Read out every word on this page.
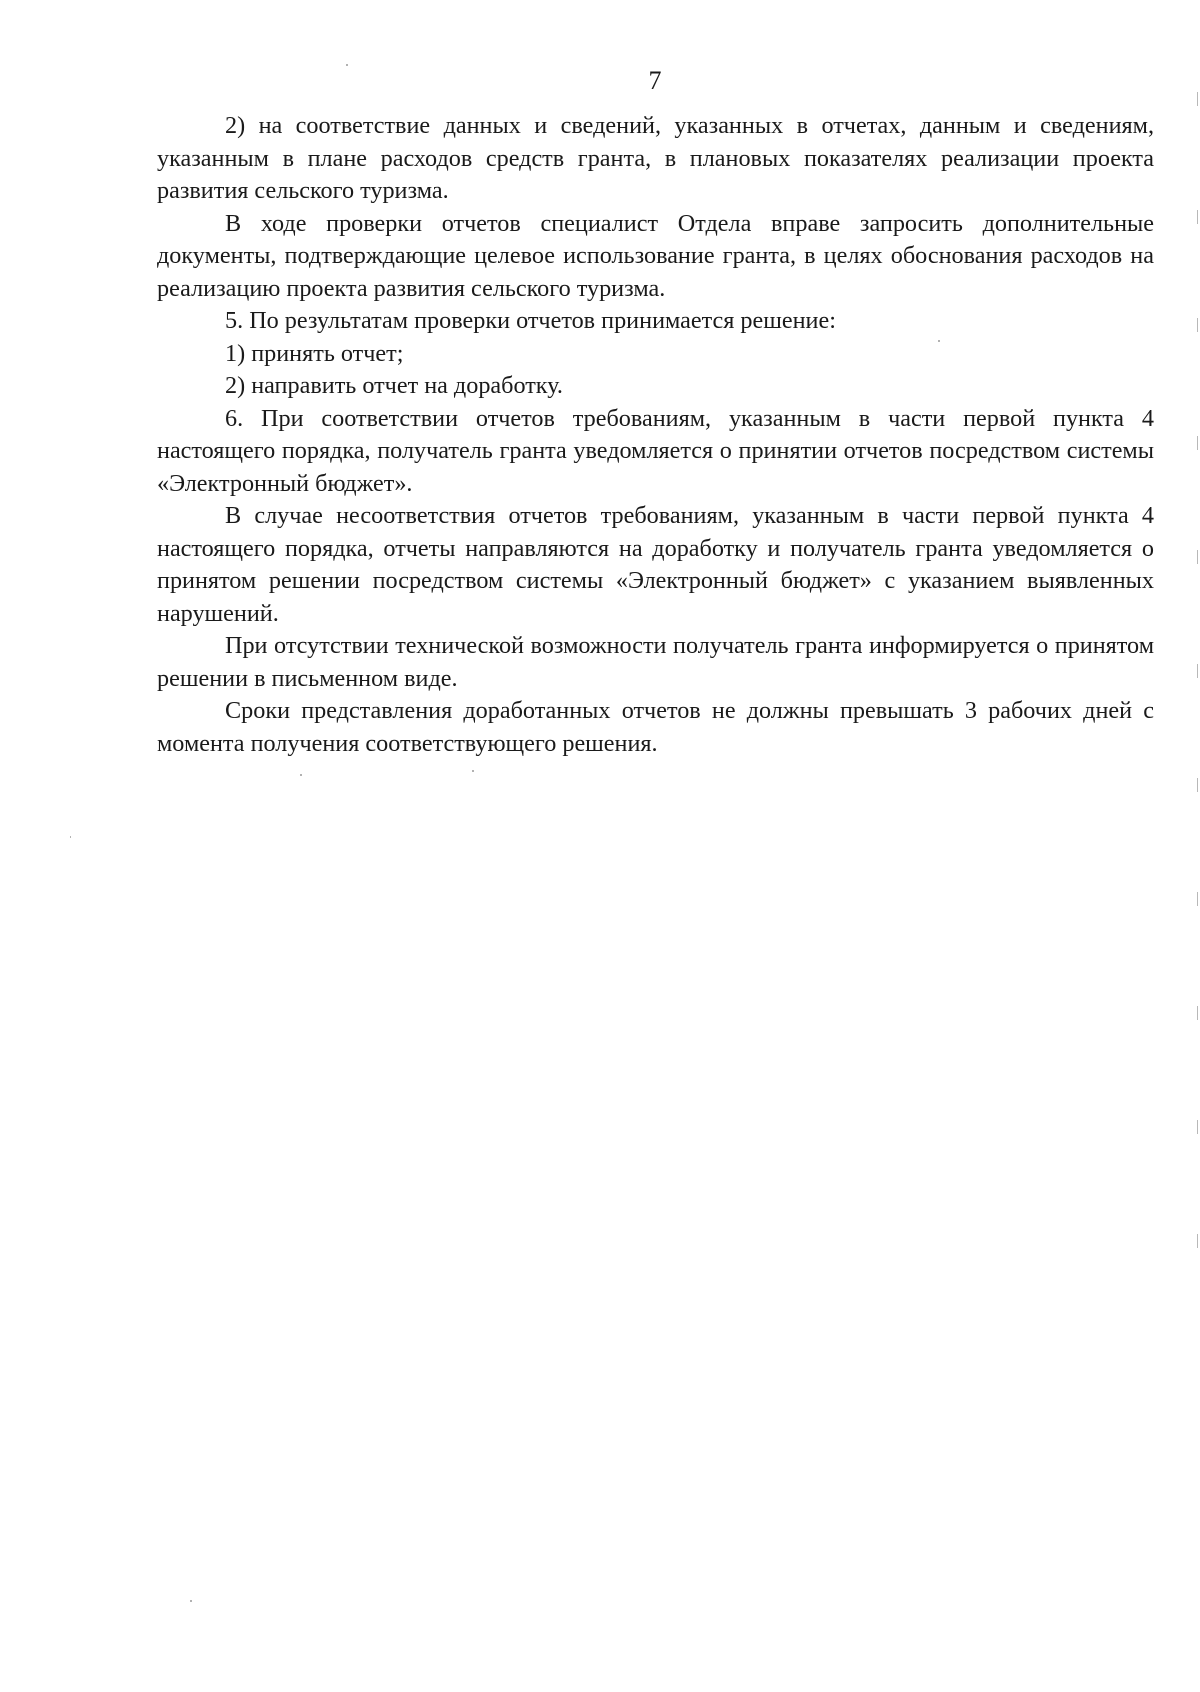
7

2) на соответствие данных и сведений, указанных в отчетах, данным и сведениям, указанным в плане расходов средств гранта, в плановых показателях реализации проекта развития сельского туризма.

В ходе проверки отчетов специалист Отдела вправе запросить дополнительные документы, подтверждающие целевое использование гранта, в целях обоснования расходов на реализацию проекта развития сельского туризма.

5. По результатам проверки отчетов принимается решение:

1) принять отчет;

2) направить отчет на доработку.

6. При соответствии отчетов требованиям, указанным в части первой пункта 4 настоящего порядка, получатель гранта уведомляется о принятии отчетов посредством системы «Электронный бюджет».

В случае несоответствия отчетов требованиям, указанным в части первой пункта 4 настоящего порядка, отчеты направляются на доработку и получатель гранта уведомляется о принятом решении посредством системы «Электронный бюджет» с указанием выявленных нарушений.

При отсутствии технической возможности получатель гранта информируется о принятом решении в письменном виде.

Сроки представления доработанных отчетов не должны превышать 3 рабочих дней с момента получения соответствующего решения.
